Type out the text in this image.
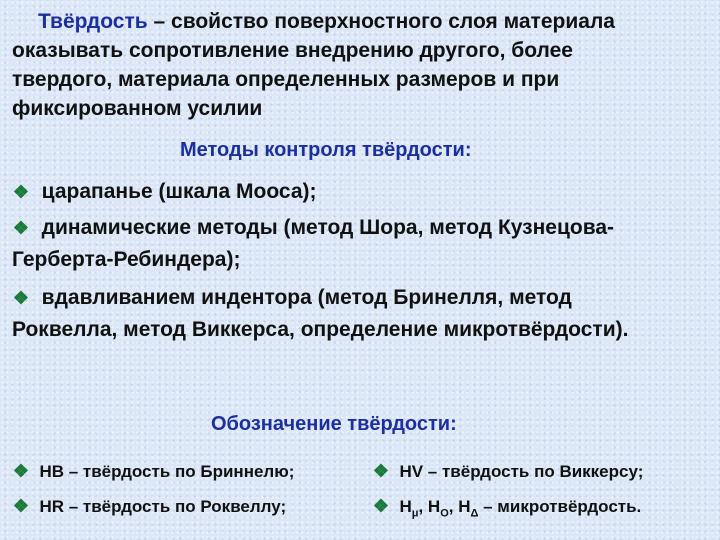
Твёрдость – свойство поверхностного слоя материала
оказывать сопротивление внедрению другого, более
твердого, материала определенных размеров и при
фиксированном усилии
Методы контроля твёрдости:
❖ царапанье (шкала Мооса);
❖ динамические методы (метод Шора, метод Кузнецова-
Герберта-Ребиндера);
❖ вдавливанием индентора (метод Бринелля, метод
Роквелла, метод Виккерса, определение микротвёрдости).
Обозначение твёрдости:
❖ HB – твёрдость по Бриннелю;	❖ HV – твёрдость по Виккерсу;
❖ HR – твёрдость по Роквеллу;	❖ $H_\mu$, $H_O$, $H_\Delta$ – микротвёрдость.
